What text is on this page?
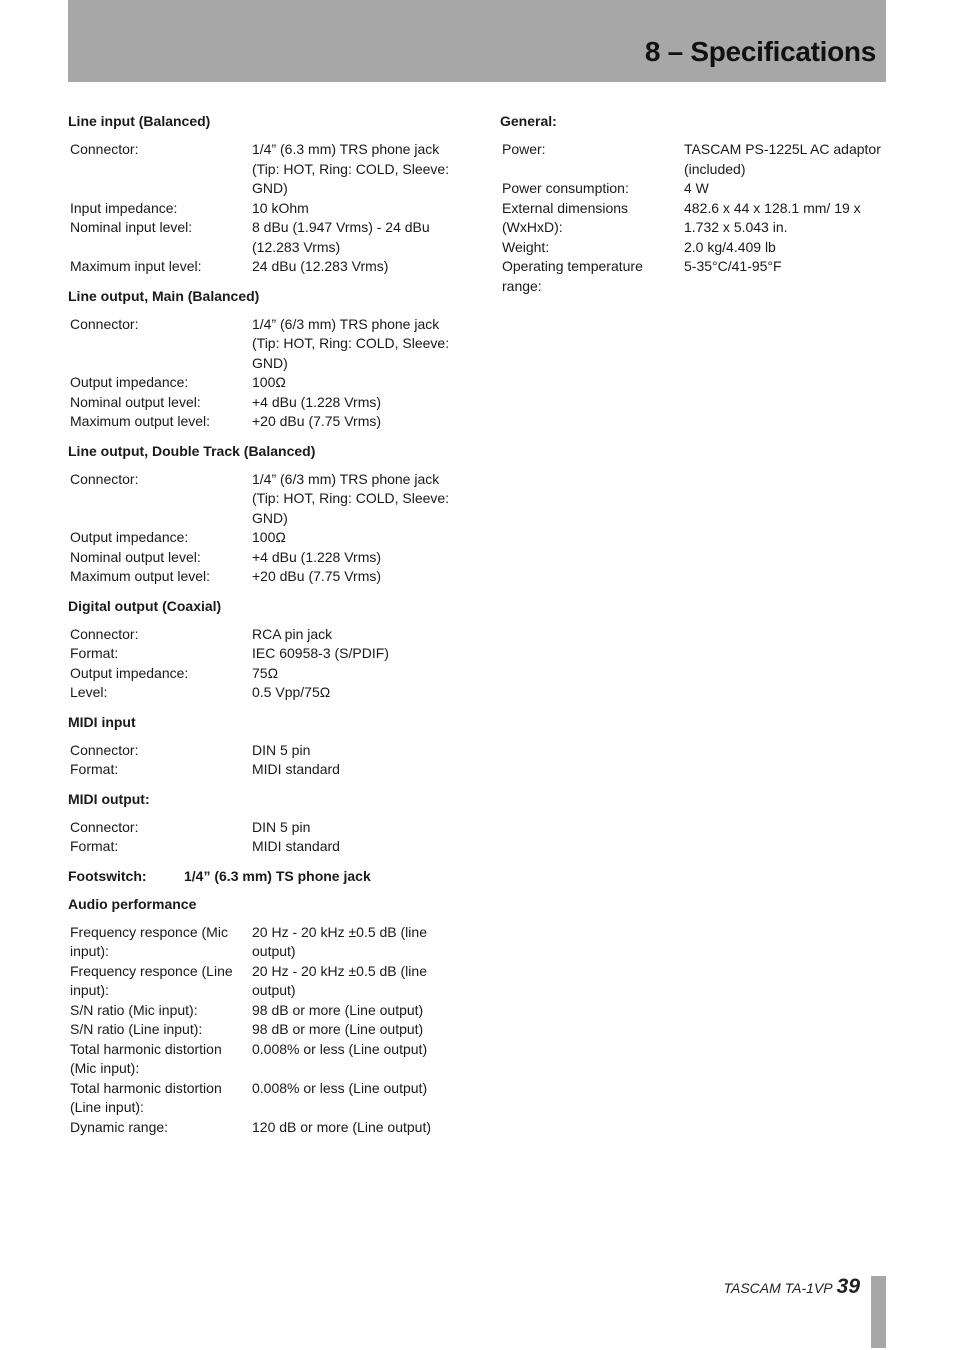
8 – Specifications

Line input (Balanced)

Connector:	1/4” (6.3 mm) TRS phone jack (Tip: HOT, Ring: COLD, Sleeve: GND)
Input impedance:	10 kOhm
Nominal input level:	8 dBu (1.947 Vrms) - 24 dBu (12.283 Vrms)
Maximum input level:	24 dBu (12.283 Vrms)

Line output, Main (Balanced)

Connector:	1/4” (6/3 mm) TRS phone jack (Tip: HOT, Ring: COLD, Sleeve: GND)
Output impedance:	100Ω
Nominal output level:	+4 dBu (1.228 Vrms)
Maximum output level:	+20 dBu (7.75 Vrms)

Line output, Double Track (Balanced)

Connector:	1/4” (6/3 mm) TRS phone jack (Tip: HOT, Ring: COLD, Sleeve: GND)
Output impedance:	100Ω
Nominal output level:	+4 dBu (1.228 Vrms)
Maximum output level:	+20 dBu (7.75 Vrms)

Digital output (Coaxial)

Connector:	RCA pin jack
Format:	IEC 60958-3 (S/PDIF)
Output impedance:	75Ω
Level:	0.5 Vpp/75Ω

MIDI input

Connector:	DIN 5 pin
Format:	MIDI standard

MIDI output:

Connector:	DIN 5 pin
Format:	MIDI standard

Footswitch:	1/4” (6.3 mm) TS phone jack

Audio performance

Frequency responce (Mic input):	20 Hz - 20 kHz ±0.5 dB (line output)
Frequency responce (Line input):	20 Hz - 20 kHz ±0.5 dB (line output)
S/N ratio (Mic input):	98 dB or more (Line output)
S/N ratio (Line input):	98 dB or more (Line output)
Total harmonic distortion (Mic input):	0.008% or less (Line output)
Total harmonic distortion (Line input):	0.008% or less (Line output)
Dynamic range:	120 dB or more (Line output)

General:

Power:	TASCAM PS-1225L AC adaptor (included)
Power consumption:	4 W
External dimensions (WxHxD):	482.6 x 44 x 128.1 mm/ 19 x 1.732 x 5.043 in.
Weight:	2.0 kg/4.409 lb
Operating temperature range:	5-35°C/41-95°F
TASCAM TA-1VP 39
